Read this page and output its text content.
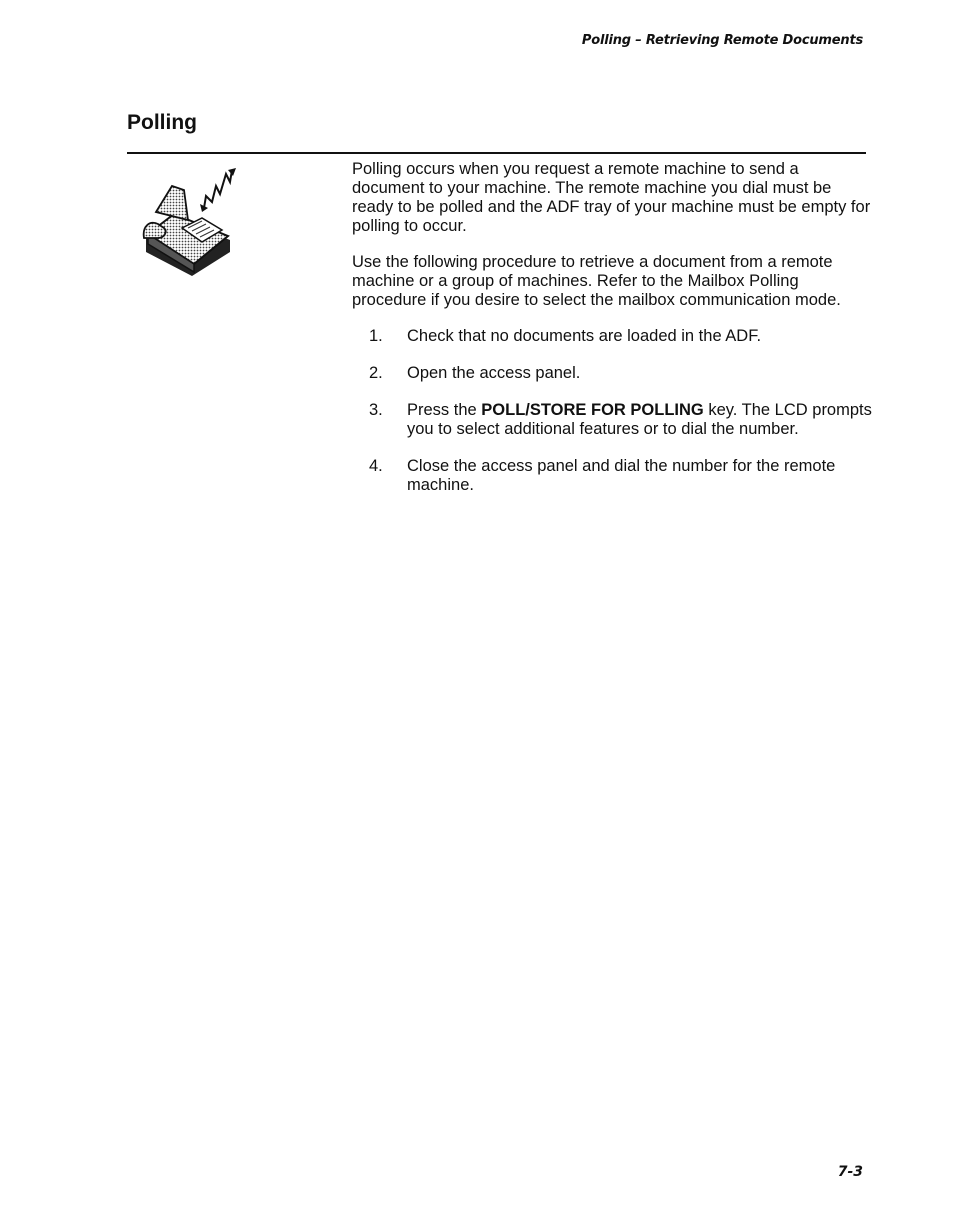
Polling – Retrieving Remote Documents
Polling

Polling occurs when you request a remote machine to send a document to your machine. The remote machine you dial must be ready to be polled and the ADF tray of your machine must be empty for polling to occur.

Use the following procedure to retrieve a document from a remote machine or a group of machines. Refer to the Mailbox Polling procedure if you desire to select the mailbox communication mode.

1.	Check that no documents are loaded in the ADF.
2.	Open the access panel.
3.	Press the POLL/STORE FOR POLLING key. The LCD prompts you to select additional features or to dial the number.
4.	Close the access panel and dial the number for the remote machine.
7-3
